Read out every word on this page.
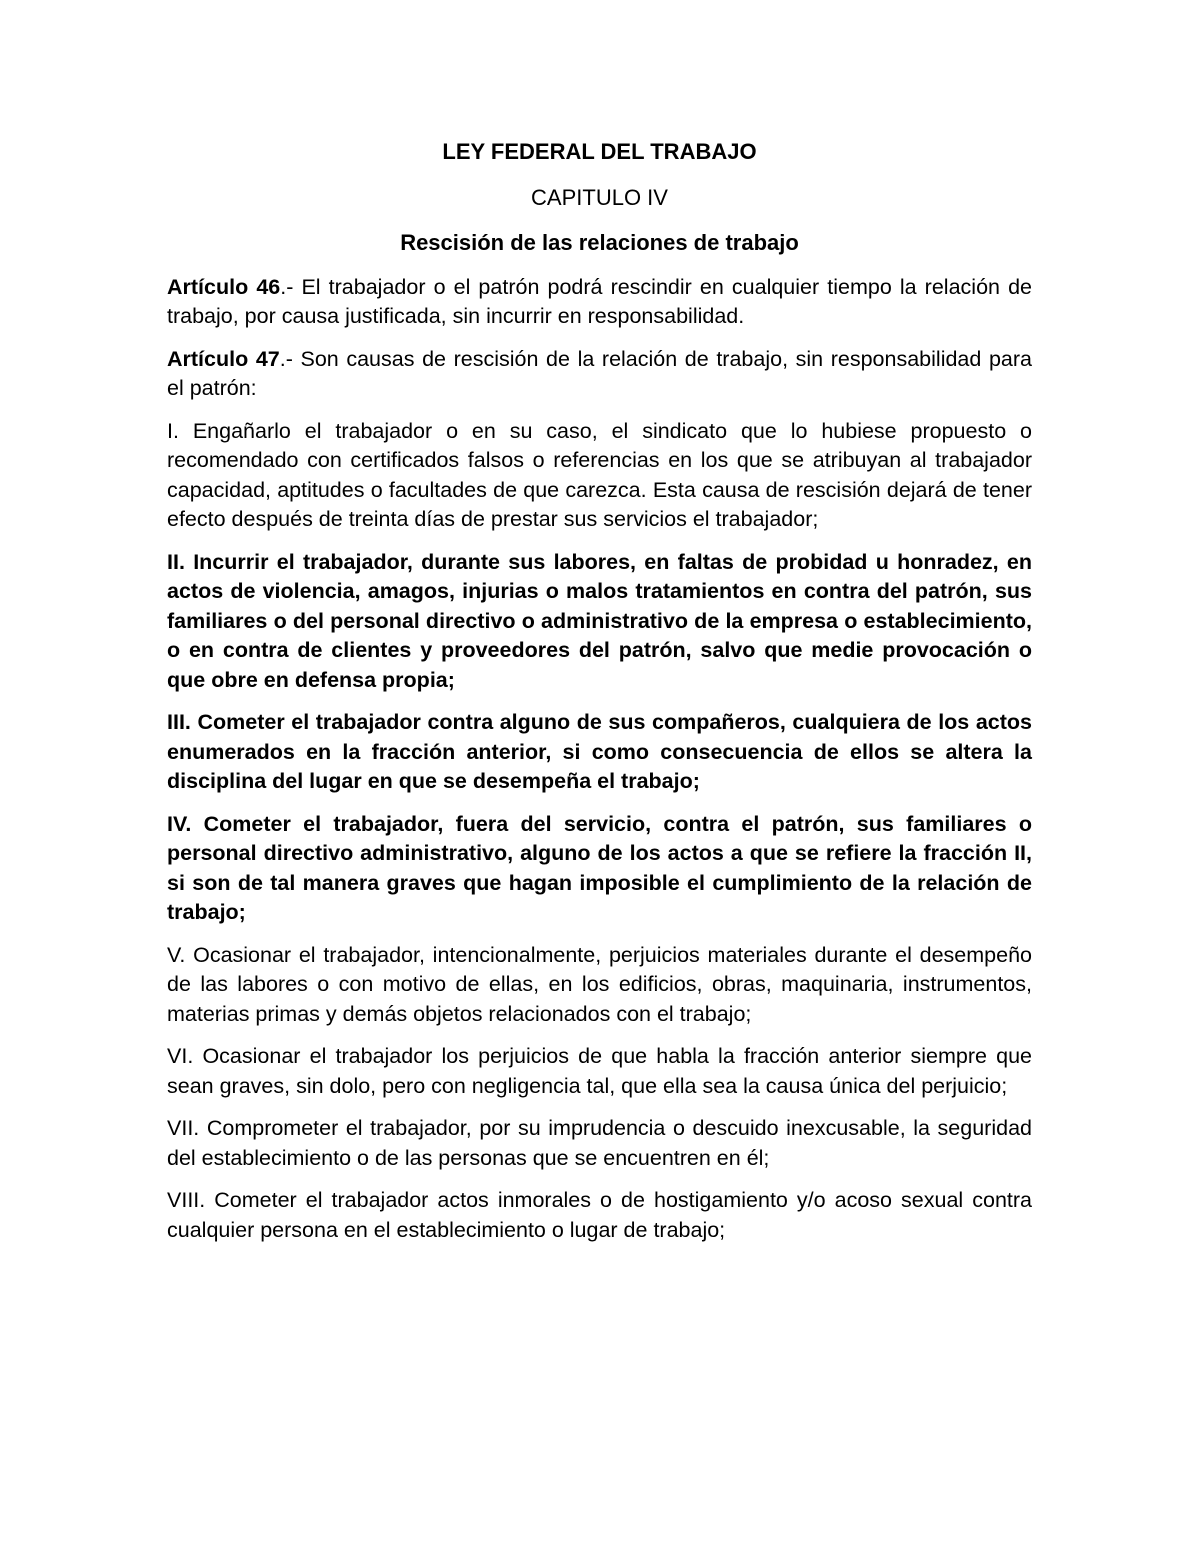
LEY FEDERAL DEL TRABAJO
CAPITULO IV
Rescisión de las relaciones de trabajo

Artículo 46.- El trabajador o el patrón podrá rescindir en cualquier tiempo la relación de trabajo, por causa justificada, sin incurrir en responsabilidad.

Artículo 47.- Son causas de rescisión de la relación de trabajo, sin responsabilidad para el patrón:

I. Engañarlo el trabajador o en su caso, el sindicato que lo hubiese propuesto o recomendado con certificados falsos o referencias en los que se atribuyan al trabajador capacidad, aptitudes o facultades de que carezca. Esta causa de rescisión dejará de tener efecto después de treinta días de prestar sus servicios el trabajador;

II. Incurrir el trabajador, durante sus labores, en faltas de probidad u honradez, en actos de violencia, amagos, injurias o malos tratamientos en contra del patrón, sus familiares o del personal directivo o administrativo de la empresa o establecimiento, o en contra de clientes y proveedores del patrón, salvo que medie provocación o que obre en defensa propia;

III. Cometer el trabajador contra alguno de sus compañeros, cualquiera de los actos enumerados en la fracción anterior, si como consecuencia de ellos se altera la disciplina del lugar en que se desempeña el trabajo;

IV. Cometer el trabajador, fuera del servicio, contra el patrón, sus familiares o personal directivo administrativo, alguno de los actos a que se refiere la fracción II, si son de tal manera graves que hagan imposible el cumplimiento de la relación de trabajo;

V. Ocasionar el trabajador, intencionalmente, perjuicios materiales durante el desempeño de las labores o con motivo de ellas, en los edificios, obras, maquinaria, instrumentos, materias primas y demás objetos relacionados con el trabajo;

VI. Ocasionar el trabajador los perjuicios de que habla la fracción anterior siempre que sean graves, sin dolo, pero con negligencia tal, que ella sea la causa única del perjuicio;

VII. Comprometer el trabajador, por su imprudencia o descuido inexcusable, la seguridad del establecimiento o de las personas que se encuentren en él;

VIII. Cometer el trabajador actos inmorales o de hostigamiento y/o acoso sexual contra cualquier persona en el establecimiento o lugar de trabajo;
